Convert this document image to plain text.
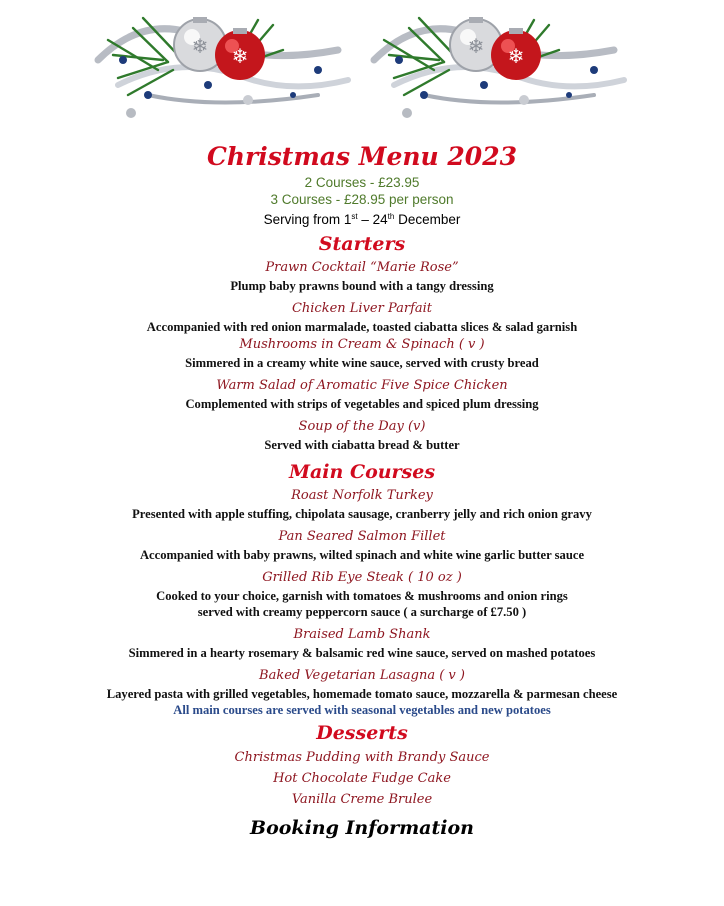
❄
❄	❄
❄
Christmas Menu 2023

2 Courses - £23.95

3 Courses - £28.95 per person

Serving from 1st – 24th December

Starters

Prawn Cocktail “Marie Rose”

Plump baby prawns bound with a tangy dressing

Chicken Liver Parfait

Accompanied with red onion marmalade, toasted ciabatta slices & salad garnish

Mushrooms in Cream & Spinach ( v )

Simmered in a creamy white wine sauce, served with crusty bread

Warm Salad of Aromatic Five Spice Chicken

Complemented with strips of vegetables and spiced plum dressing

Soup of the Day (v)

Served with ciabatta bread & butter

Main Courses

Roast Norfolk Turkey

Presented with apple stuffing, chipolata sausage, cranberry jelly and rich onion gravy

Pan Seared Salmon Fillet

Accompanied with baby prawns, wilted spinach and white wine garlic butter sauce

Grilled Rib Eye Steak ( 10 oz )

Cooked to your choice, garnish with tomatoes & mushrooms and onion rings

served with creamy peppercorn sauce ( a surcharge of £7.50 )

Braised Lamb Shank

Simmered in a hearty rosemary & balsamic red wine sauce, served on mashed potatoes

Baked Vegetarian Lasagna ( v )

Layered pasta with grilled vegetables, homemade tomato sauce, mozzarella & parmesan cheese

All main courses are served with seasonal vegetables and new potatoes

Desserts

Christmas Pudding with Brandy Sauce

Hot Chocolate Fudge Cake

Vanilla Creme Brulee

Booking Information
